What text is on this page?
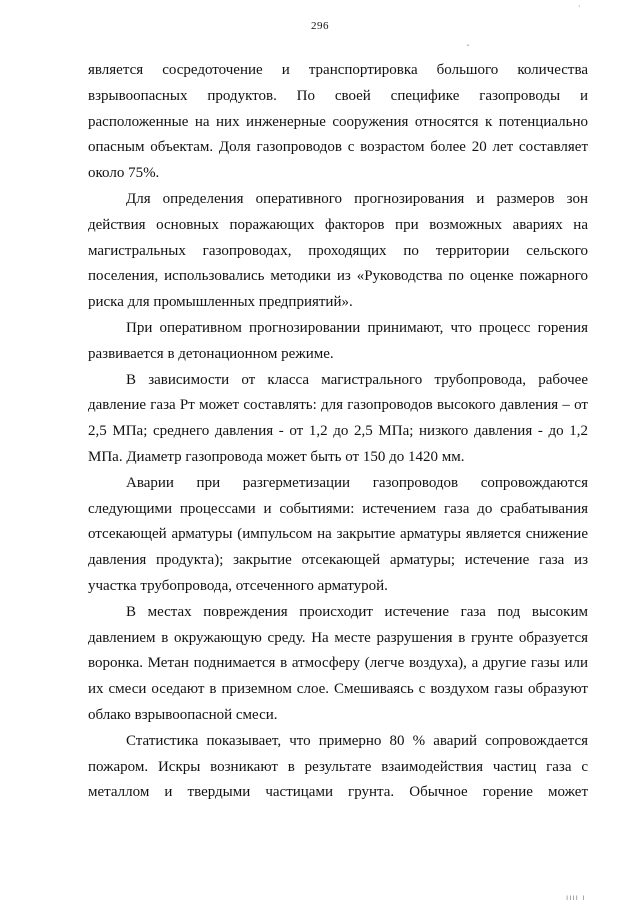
296
·
ˇ

является сосредоточение и транспортировка большого количества взрывоопасных продуктов. По своей специфике газопроводы и расположенные на них инженерные сооружения относятся к потенциально опасным объектам. Доля газопроводов с возрастом более 20 лет составляет около 75%.

Для определения оперативного прогнозирования и размеров зон действия основных поражающих факторов при возможных авариях на магистральных газопроводах, проходящих по территории сельского поселения, использовались методики из «Руководства по оценке пожарного риска для промышленных предприятий».

При оперативном прогнозировании принимают, что процесс горения развивается в детонационном режиме.

В зависимости от класса магистрального трубопровода, рабочее давление газа Pт может составлять: для газопроводов высокого давления – от 2,5 МПа; среднего давления - от 1,2 до 2,5 МПа; низкого давления - до 1,2 МПа. Диаметр газопровода может быть от 150 до 1420 мм.

Аварии при разгерметизации газопроводов сопровождаются следующими процессами и событиями: истечением газа до срабатывания отсекающей арматуры (импульсом на закрытие арматуры является снижение давления продукта); закрытие отсекающей арматуры; истечение газа из участка трубопровода, отсеченного арматурой.

В местах повреждения происходит истечение газа под высоким давлением в окружающую среду. На месте разрушения в грунте образуется воронка. Метан поднимается в атмосферу (легче воздуха), а другие газы или их смеси оседают в приземном слое. Смешиваясь с воздухом газы образуют облако взрывоопасной смеси.

Статистика показывает, что примерно 80 % аварий сопровождается пожаром. Искры возникают в результате взаимодействия частиц газа с металлом и твердыми частицами грунта. Обычное горение может

ıııı ı
